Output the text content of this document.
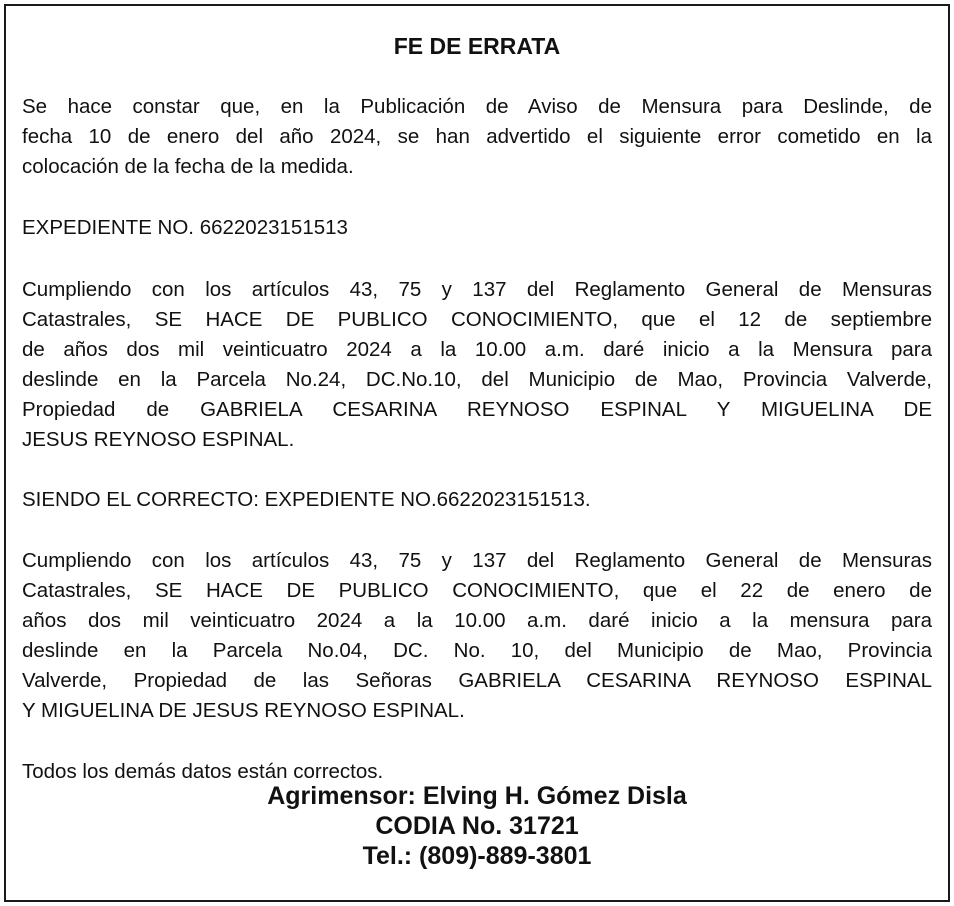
FE DE ERRATA
Se hace constar que, en la Publicación de Aviso de Mensura para Deslinde, de
fecha 10 de enero del año 2024, se han advertido el siguiente error cometido en la
colocación de la fecha de la medida.
EXPEDIENTE NO. 6622023151513
Cumpliendo con los artículos 43, 75 y 137 del Reglamento General de Mensuras
Catastrales, SE HACE DE PUBLICO CONOCIMIENTO, que el 12 de septiembre
de años dos mil veinticuatro 2024 a la 10.00 a.m. daré inicio a la Mensura para
deslinde en la Parcela No.24, DC.No.10, del Municipio de Mao, Provincia Valverde,
Propiedad de GABRIELA CESARINA REYNOSO ESPINAL Y MIGUELINA DE
JESUS REYNOSO ESPINAL.
SIENDO EL CORRECTO: EXPEDIENTE NO.6622023151513.
Cumpliendo con los artículos 43, 75 y 137 del Reglamento General de Mensuras
Catastrales, SE HACE DE PUBLICO CONOCIMIENTO, que el 22 de enero de
años dos mil veinticuatro 2024 a la 10.00 a.m. daré inicio a la mensura para
deslinde en la Parcela No.04, DC. No. 10, del Municipio de Mao, Provincia
Valverde, Propiedad de las Señoras GABRIELA CESARINA REYNOSO ESPINAL
Y MIGUELINA DE JESUS REYNOSO ESPINAL.
Todos los demás datos están correctos.
Agrimensor: Elving H. Gómez Disla
CODIA No. 31721
Tel.: (809)-889-3801
